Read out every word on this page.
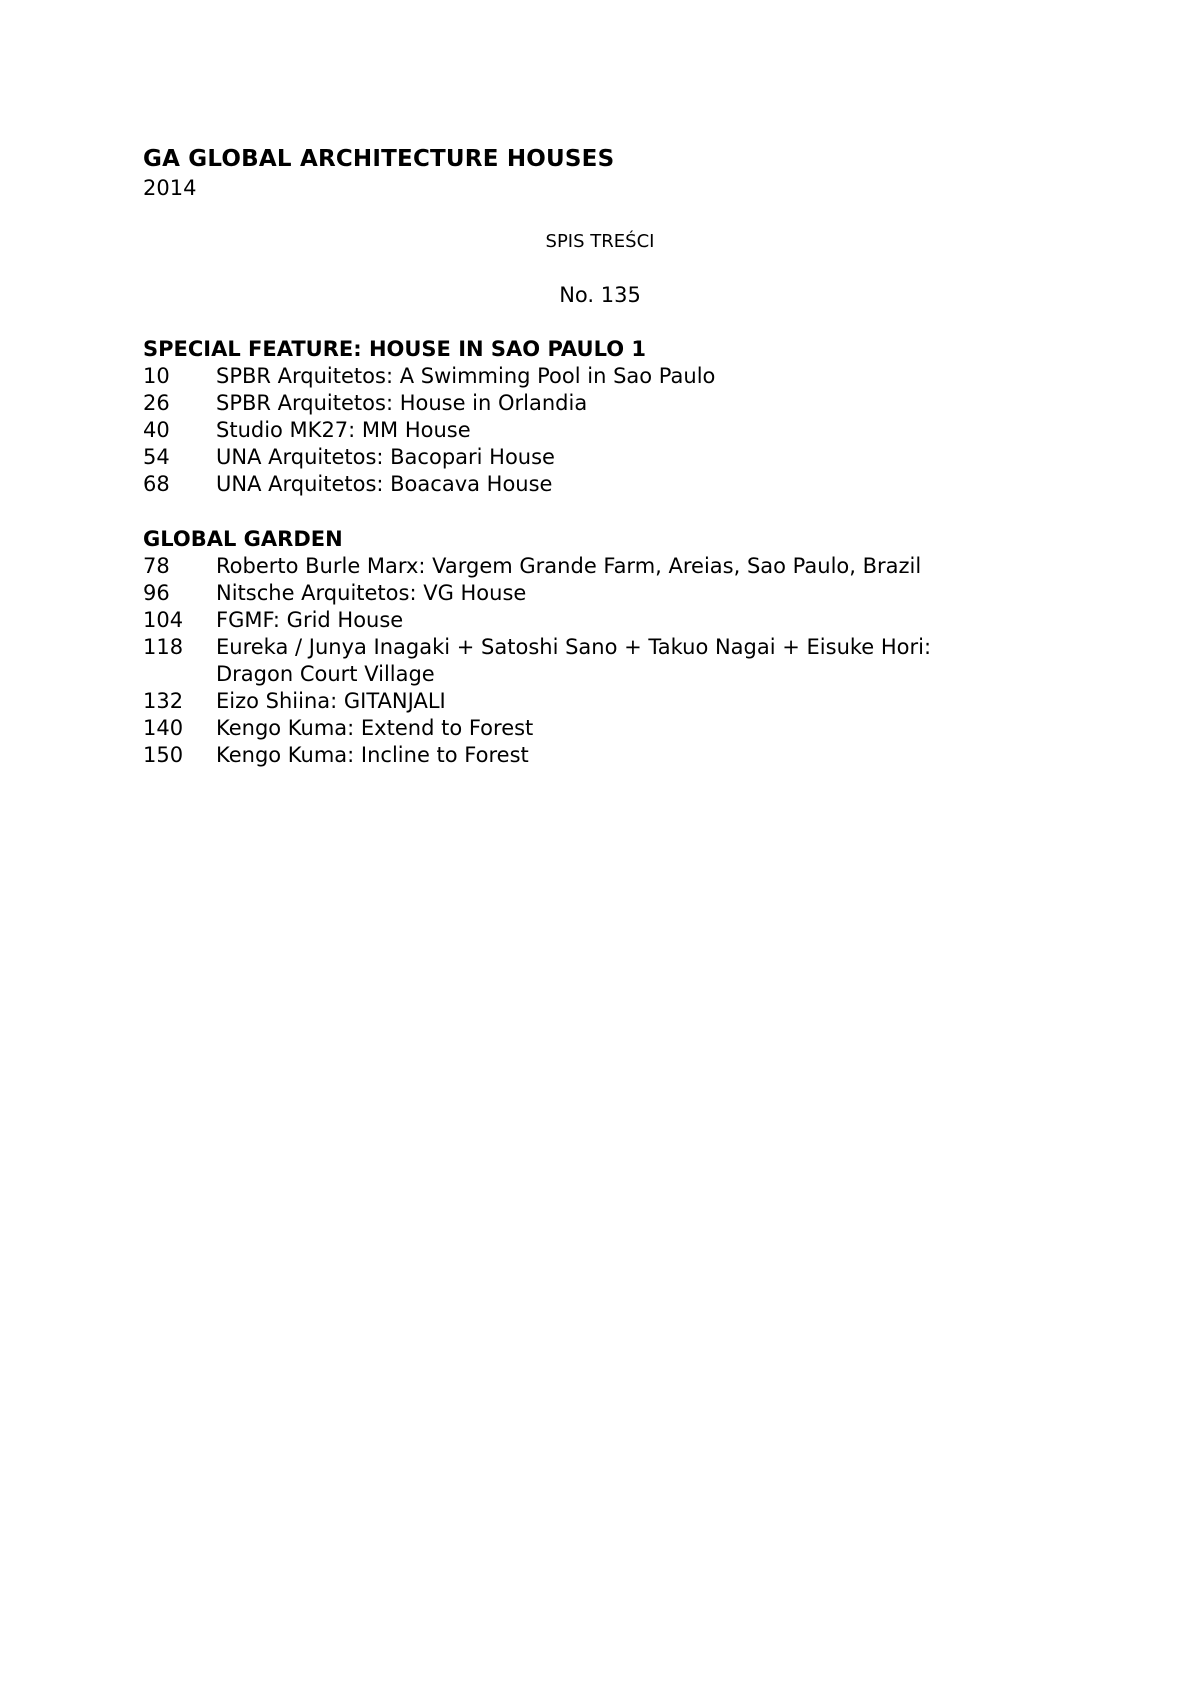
GA GLOBAL ARCHITECTURE HOUSES
2014
SPIS TREŚCI
No. 135
SPECIAL FEATURE: HOUSE IN SAO PAULO 1
10	SPBR Arquitetos: A Swimming Pool in Sao Paulo
26	SPBR Arquitetos: House in Orlandia
40	Studio MK27: MM House
54	UNA Arquitetos: Bacopari House
68	UNA Arquitetos: Boacava House
GLOBAL GARDEN
78	Roberto Burle Marx: Vargem Grande Farm, Areias, Sao Paulo, Brazil
96	Nitsche Arquitetos: VG House
104	FGMF: Grid House
118	Eureka / Junya Inagaki + Satoshi Sano + Takuo Nagai + Eisuke Hori:
Dragon Court Village
132	Eizo Shiina: GITANJALI
140	Kengo Kuma: Extend to Forest
150	Kengo Kuma: Incline to Forest
